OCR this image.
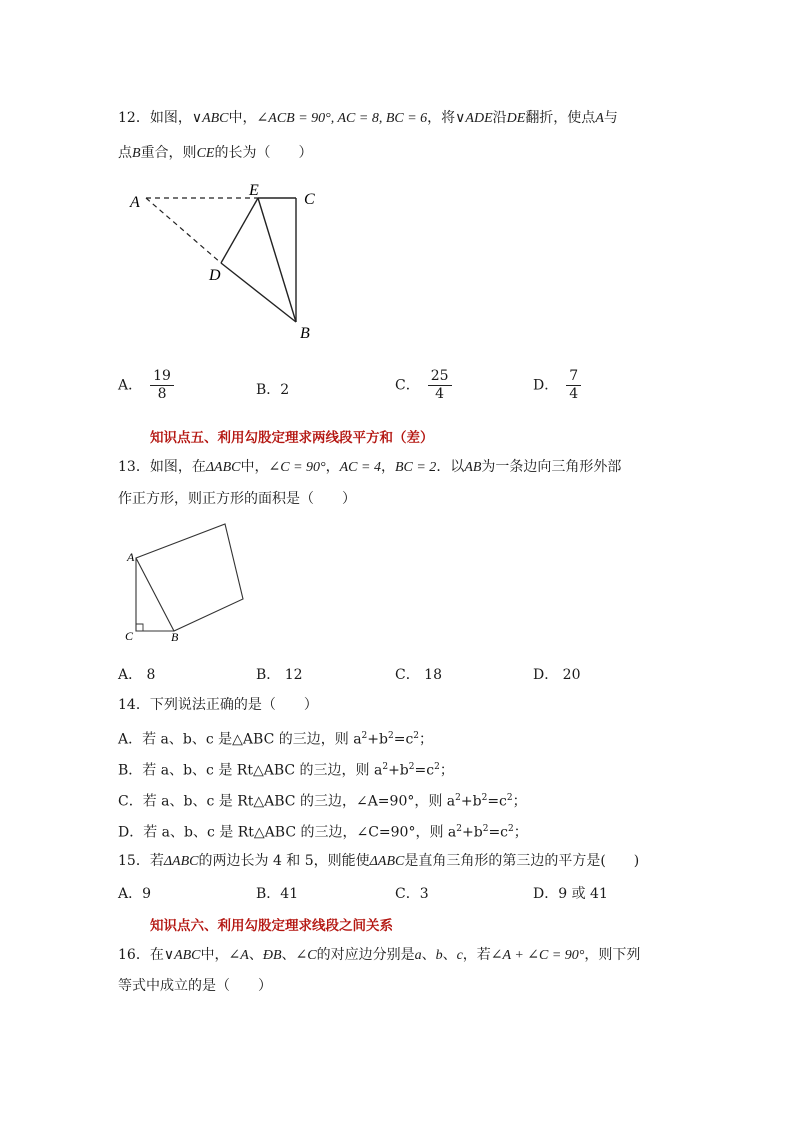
12．如图，∨ABC中，∠ACB = 90°, AC = 8, BC = 6，将∨ADE沿DE翻折，使点A与
点B重合，则CE的长为（　　）
A
E
C
D
B
A． $\frac{19}{8}$	B．2	C． $\frac{25}{4}$	D． $\frac{7}{4}$
知识点五、利用勾股定理求两线段平方和（差）
13．如图，在ΔABC中，∠C = 90°，AC = 4，BC = 2．以AB为一条边向三角形外部
作正方形，则正方形的面积是（　　）
A
C	B
A． 8	B． 12	C． 18	D． 20
14．下列说法正确的是（　　）
A．若 a、b、c 是△ABC 的三边，则 $a^2+b^2=c^2$；
B．若 a、b、c 是 Rt△ABC 的三边，则 $a^2+b^2=c^2$；
C．若 a、b、c 是 Rt△ABC 的三边，∠A=90°，则 $a^2+b^2=c^2$；
D．若 a、b、c 是 Rt△ABC 的三边，∠C=90°，则 $a^2+b^2=c^2$；
15．若ΔABC的两边长为 4 和 5，则能使ΔABC是直角三角形的第三边的平方是(　　)
A．9	B．41	C．3	D．9 或 41
知识点六、利用勾股定理求线段之间关系
16．在∨ABC中，∠A、ÐB、∠C的对应边分别是a、b、c，若∠A + ∠C = 90°，则下列
等式中成立的是（　　）
